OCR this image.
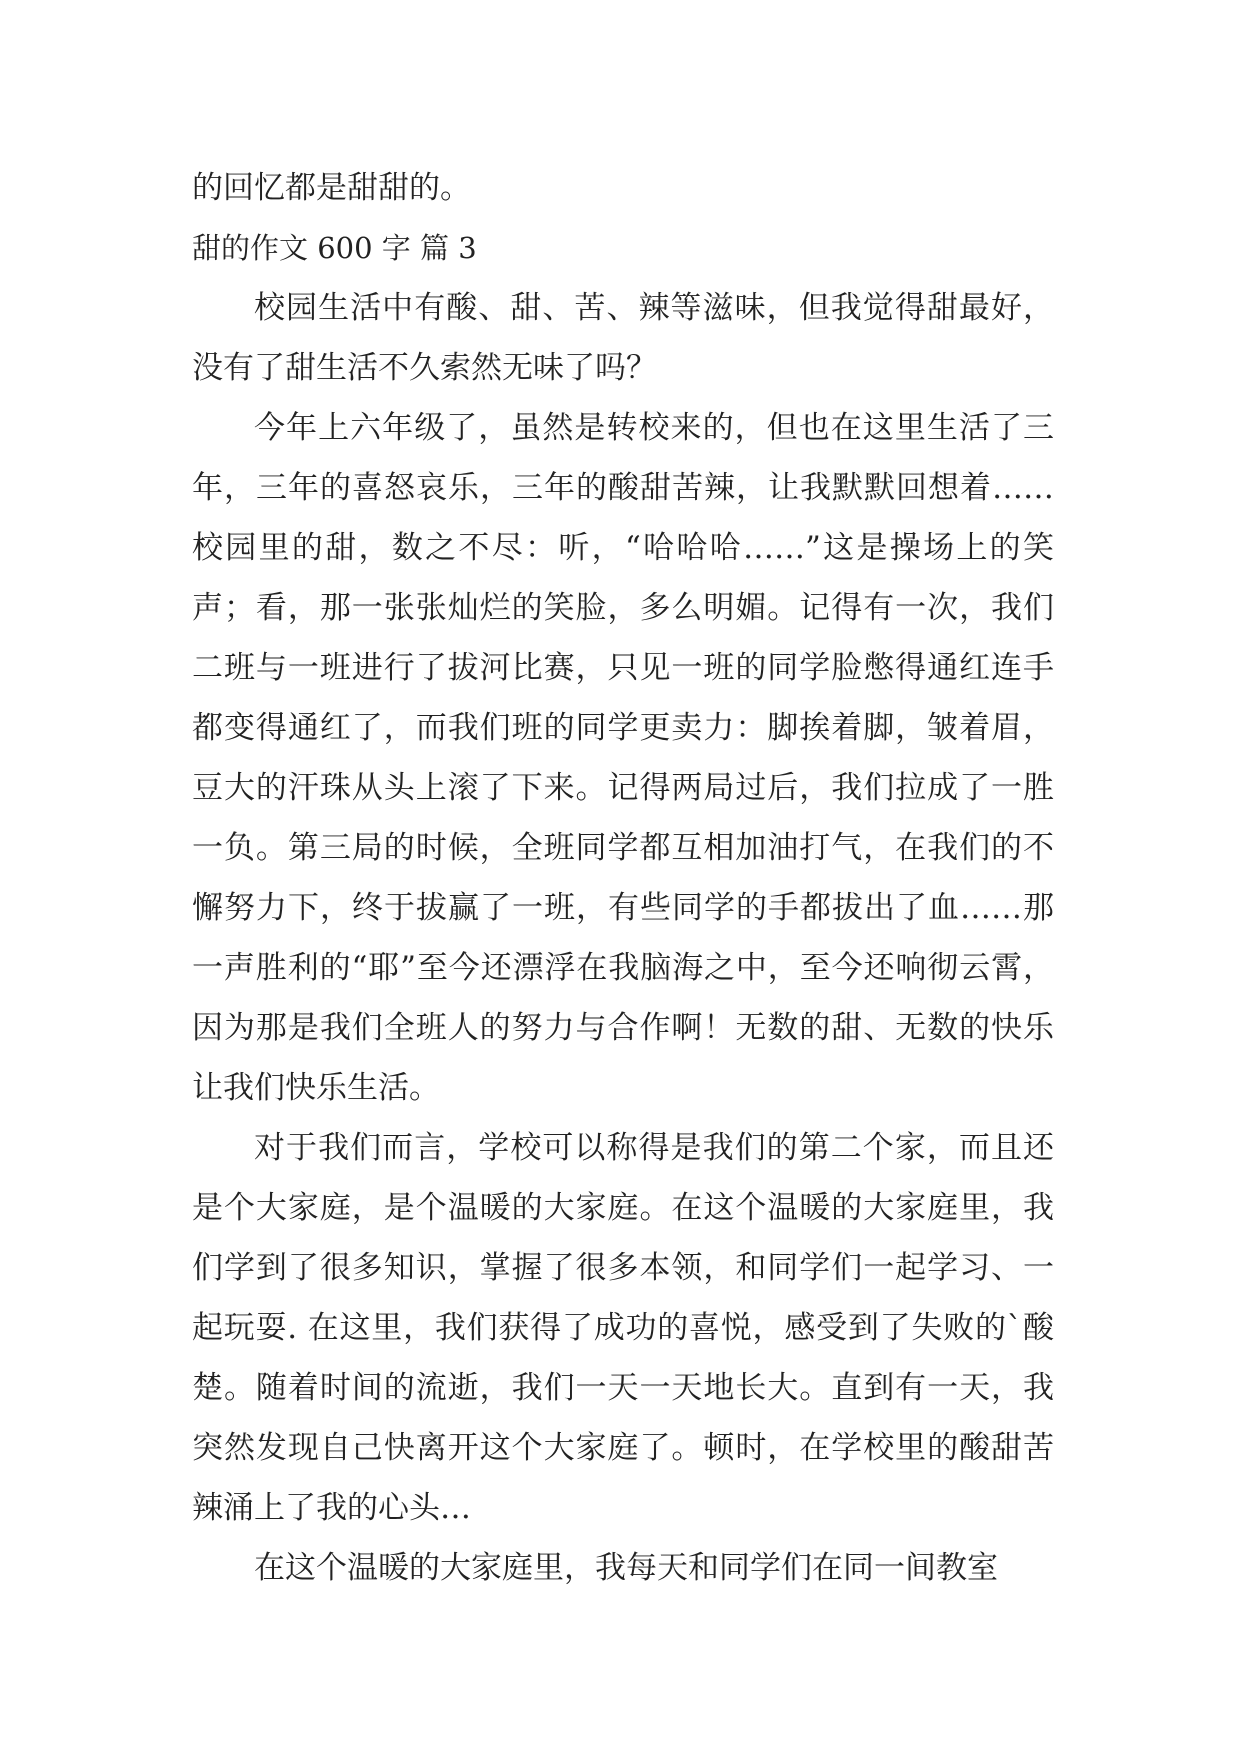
的回忆都是甜甜的。

甜的作文 600 字 篇 3

校园生活中有酸、甜、苦、辣等滋味，但我觉得甜最好，没有了甜生活不久索然无味了吗？

今年上六年级了，虽然是转校来的，但也在这里生活了三年，三年的喜怒哀乐，三年的酸甜苦辣，让我默默回想着……校园里的甜，数之不尽：听，“哈哈哈……”这是操场上的笑声；看，那一张张灿烂的笑脸，多么明媚。记得有一次，我们二班与一班进行了拔河比赛，只见一班的同学脸憋得通红连手都变得通红了，而我们班的同学更卖力：脚挨着脚，皱着眉，豆大的汗珠从头上滚了下来。记得两局过后，我们拉成了一胜一负。第三局的时候，全班同学都互相加油打气，在我们的不懈努力下，终于拔赢了一班，有些同学的手都拔出了血……那一声胜利的“耶”至今还漂浮在我脑海之中，至今还响彻云霄，因为那是我们全班人的努力与合作啊！无数的甜、无数的快乐让我们快乐生活。

对于我们而言，学校可以称得是我们的第二个家，而且还是个大家庭，是个温暖的大家庭。在这个温暖的大家庭里，我们学到了很多知识，掌握了很多本领，和同学们一起学习、一起玩耍. 在这里，我们获得了成功的喜悦，感受到了失败的`酸楚。随着时间的流逝，我们一天一天地长大。直到有一天，我突然发现自己快离开这个大家庭了。顿时，在学校里的酸甜苦辣涌上了我的心头…

在这个温暖的大家庭里，我每天和同学们在同一间教室
